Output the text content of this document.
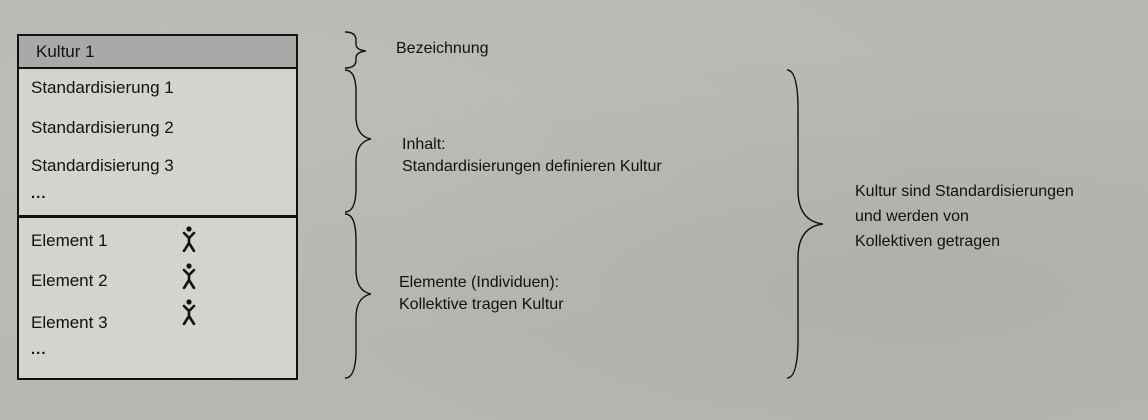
Kultur 1
Standardisierung 1
Standardisierung 2
Standardisierung 3
...
Element 1
Element 2
Element 3
...
Bezeichnung
Inhalt:
Standardisierungen definieren Kultur
Elemente (Individuen):
Kollektive tragen Kultur
Kultur sind Standardisierungen
und werden von
Kollektiven getragen
